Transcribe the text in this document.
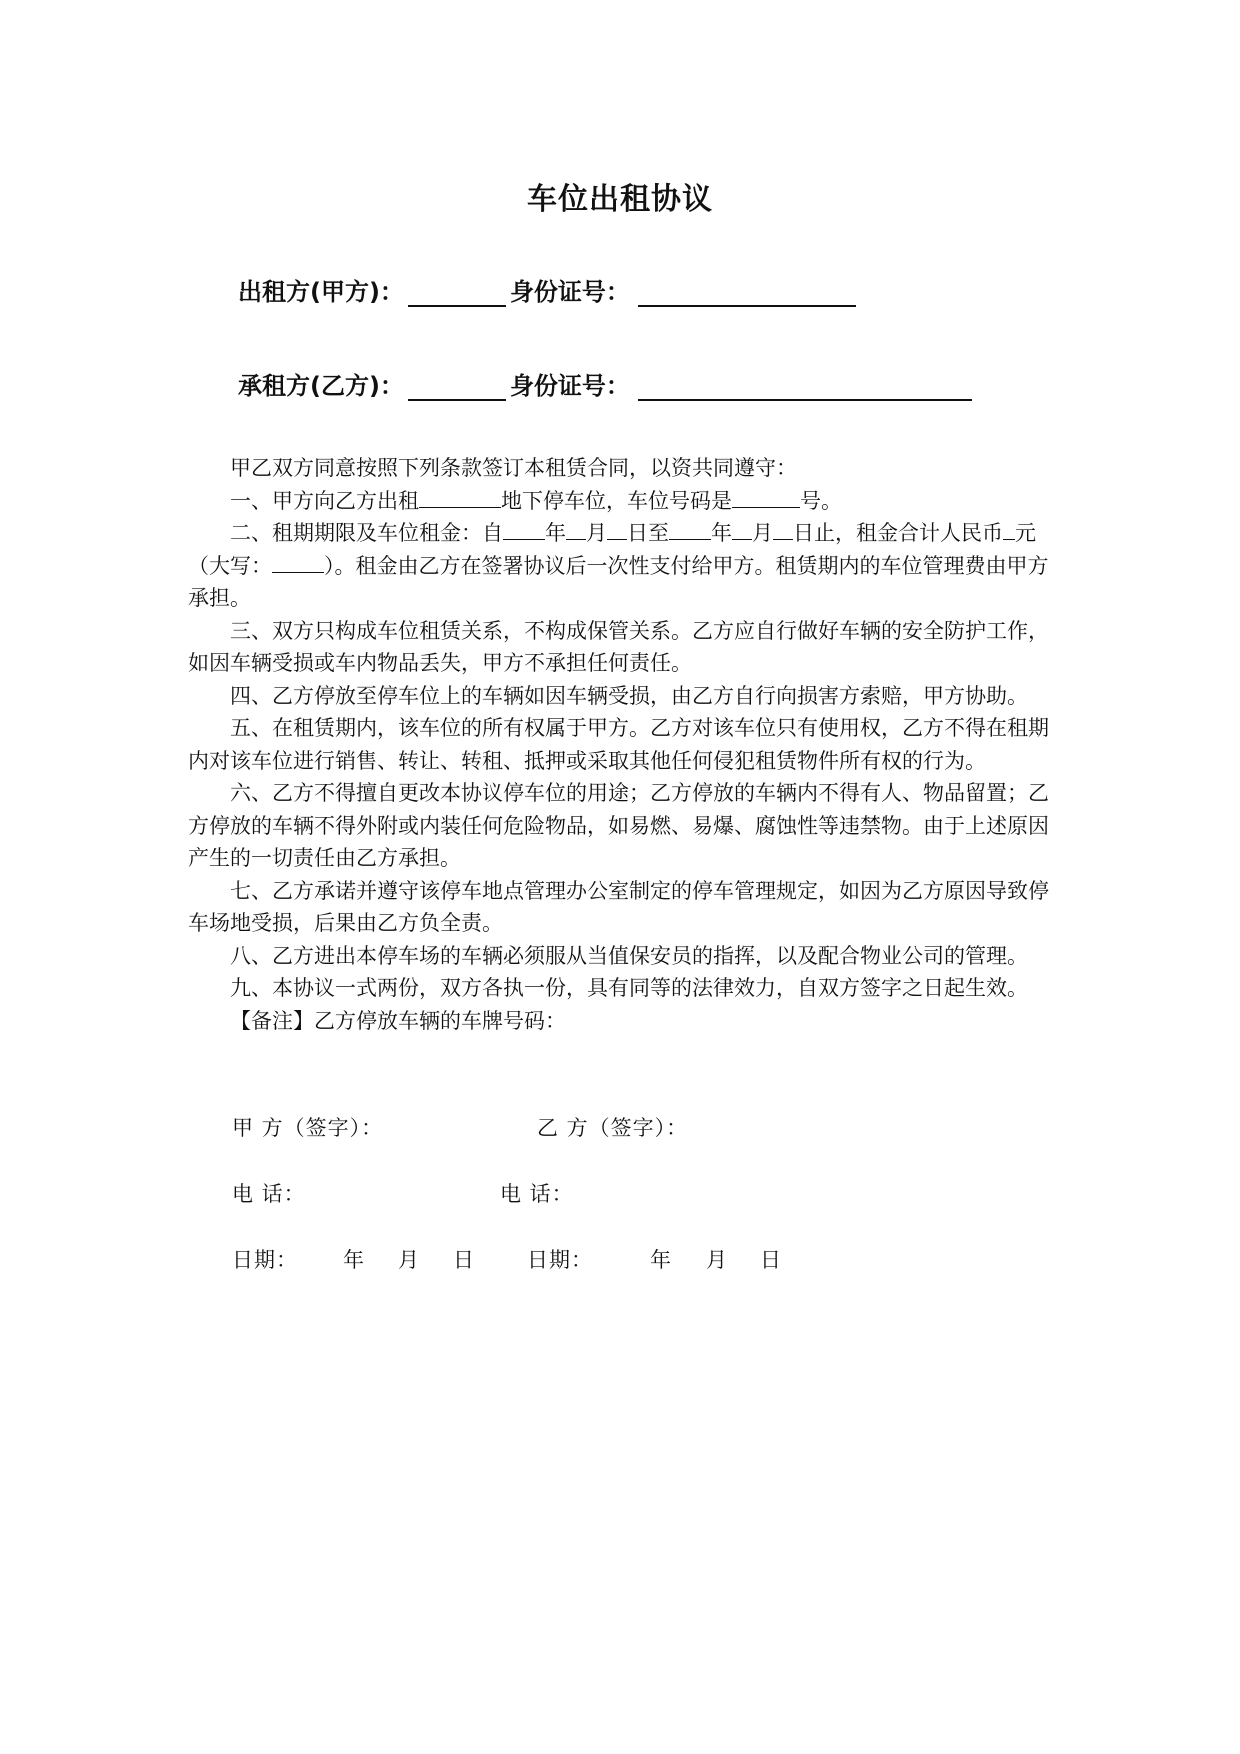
车位出租协议
出租方(甲方)：	身份证号：
承租方(乙方)：	身份证号：

甲乙双方同意按照下列条款签订本租赁合同，以资共同遵守：

一、甲方向乙方出租	地下停车位，车位号码是	号。

二、租期期限及车位租金：自 年 月 日至 年 月 日止，租金合计人民币 元（大写： ）。租金由乙方在签署协议后一次性支付给甲方。租赁期内的车位管理费由甲方承担。

三、双方只构成车位租赁关系，不构成保管关系。乙方应自行做好车辆的安全防护工作，如因车辆受损或车内物品丢失，甲方不承担任何责任。

四、乙方停放至停车位上的车辆如因车辆受损，由乙方自行向损害方索赔，甲方协助。

五、在租赁期内，该车位的所有权属于甲方。乙方对该车位只有使用权，乙方不得在租期内对该车位进行销售、转让、转租、抵押或采取其他任何侵犯租赁物件所有权的行为。

六、乙方不得擅自更改本协议停车位的用途；乙方停放的车辆内不得有人、物品留置；乙方停放的车辆不得外附或内装任何危险物品，如易燃、易爆、腐蚀性等违禁物。由于上述原因产生的一切责任由乙方承担。

七、乙方承诺并遵守该停车地点管理办公室制定的停车管理规定，如因为乙方原因导致停车场地受损，后果由乙方负全责。

八、乙方进出本停车场的车辆必须服从当值保安员的指挥，以及配合物业公司的管理。

九、本协议一式两份，双方各执一份，具有同等的法律效力，自双方签字之日起生效。

【备注】乙方停放车辆的车牌号码：

甲 方（签字）：	乙 方（签字）：
电 话：	电 话：
日期： 年 月 日 日期：	年 月 日
